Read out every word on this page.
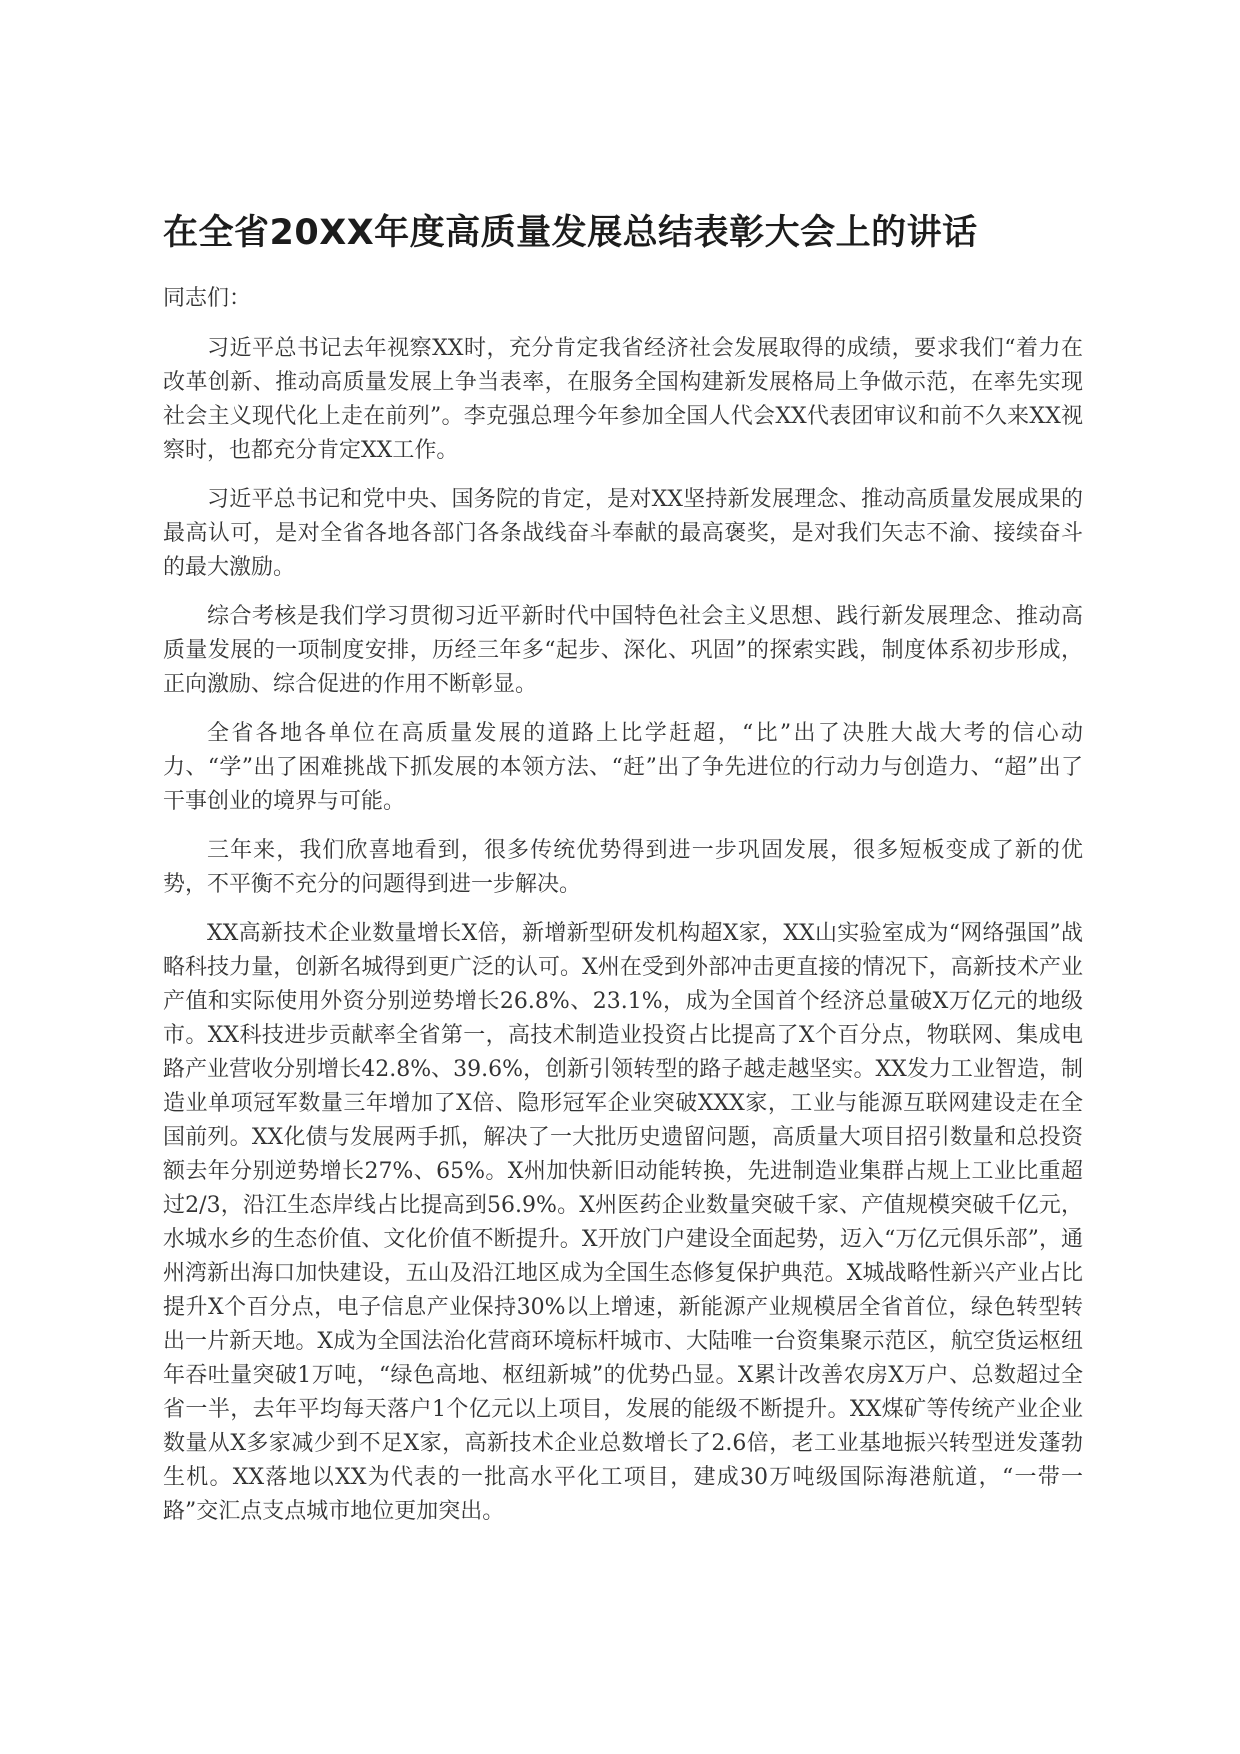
在全省20XX年度高质量发展总结表彰大会上的讲话

同志们：

习近平总书记去年视察XX时，充分肯定我省经济社会发展取得的成绩，要求我们“着力在改革创新、推动高质量发展上争当表率，在服务全国构建新发展格局上争做示范，在率先实现社会主义现代化上走在前列”。李克强总理今年参加全国人代会XX代表团审议和前不久来XX视察时，也都充分肯定XX工作。

习近平总书记和党中央、国务院的肯定，是对XX坚持新发展理念、推动高质量发展成果的最高认可，是对全省各地各部门各条战线奋斗奉献的最高褒奖，是对我们矢志不渝、接续奋斗的最大激励。

综合考核是我们学习贯彻习近平新时代中国特色社会主义思想、践行新发展理念、推动高质量发展的一项制度安排，历经三年多“起步、深化、巩固”的探索实践，制度体系初步形成，正向激励、综合促进的作用不断彰显。

全省各地各单位在高质量发展的道路上比学赶超，“比”出了决胜大战大考的信心动力、“学”出了困难挑战下抓发展的本领方法、“赶”出了争先进位的行动力与创造力、“超”出了干事创业的境界与可能。

三年来，我们欣喜地看到，很多传统优势得到进一步巩固发展，很多短板变成了新的优势，不平衡不充分的问题得到进一步解决。

XX高新技术企业数量增长X倍，新增新型研发机构超X家，XX山实验室成为“网络强国”战略科技力量，创新名城得到更广泛的认可。X州在受到外部冲击更直接的情况下，高新技术产业产值和实际使用外资分别逆势增长26.8%、23.1%，成为全国首个经济总量破X万亿元的地级市。XX科技进步贡献率全省第一，高技术制造业投资占比提高了X个百分点，物联网、集成电路产业营收分别增长42.8%、39.6%，创新引领转型的路子越走越坚实。XX发力工业智造，制造业单项冠军数量三年增加了X倍、隐形冠军企业突破XXX家，工业与能源互联网建设走在全国前列。XX化债与发展两手抓，解决了一大批历史遗留问题，高质量大项目招引数量和总投资额去年分别逆势增长27%、65%。X州加快新旧动能转换，先进制造业集群占规上工业比重超过2/3，沿江生态岸线占比提高到56.9%。X州医药企业数量突破千家、产值规模突破千亿元，水城水乡的生态价值、文化价值不断提升。X开放门户建设全面起势，迈入“万亿元俱乐部”，通州湾新出海口加快建设，五山及沿江地区成为全国生态修复保护典范。X城战略性新兴产业占比提升X个百分点，电子信息产业保持30%以上增速，新能源产业规模居全省首位，绿色转型转出一片新天地。X成为全国法治化营商环境标杆城市、大陆唯一台资集聚示范区，航空货运枢纽年吞吐量突破1万吨，“绿色高地、枢纽新城”的优势凸显。X累计改善农房X万户、总数超过全省一半，去年平均每天落户1个亿元以上项目，发展的能级不断提升。XX煤矿等传统产业企业数量从X多家减少到不足X家，高新技术企业总数增长了2.6倍，老工业基地振兴转型迸发蓬勃生机。XX落地以XX为代表的一批高水平化工项目，建成30万吨级国际海港航道，“一带一路”交汇点支点城市地位更加突出。
